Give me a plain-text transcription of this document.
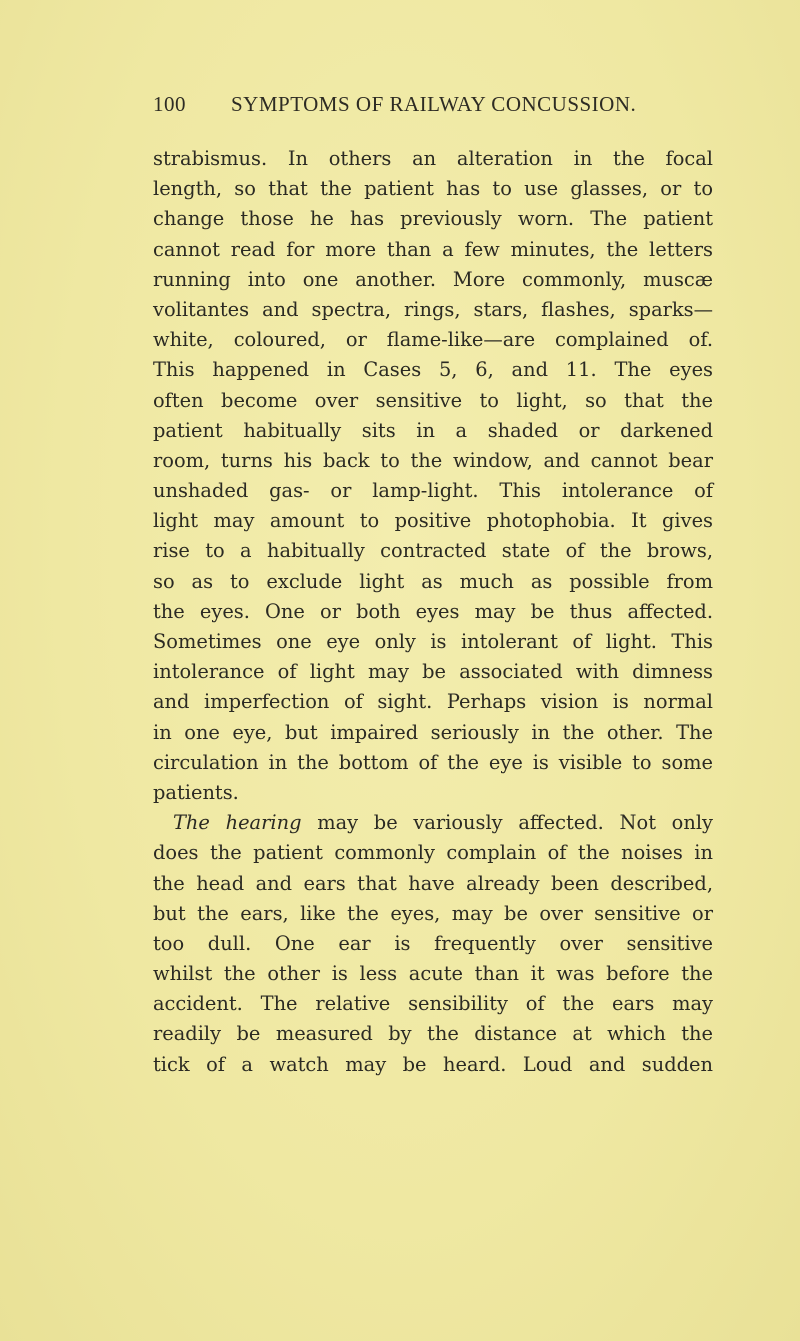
100 SYMPTOMS OF RAILWAY CONCUSSION.
strabismus. In others an alteration in the focal
length, so that the patient has to use glasses, or to
change those he has previously worn. The patient
cannot read for more than a few minutes, the letters
running into one another. More commonly, muscæ
volitantes and spectra, rings, stars, flashes, sparks—
white, coloured, or flame-like—are complained of.
This happened in Cases 5, 6, and 11. The eyes
often become over sensitive to light, so that the
patient habitually sits in a shaded or darkened
room, turns his back to the window, and cannot bear
unshaded gas- or lamp-light. This intolerance of
light may amount to positive photophobia. It gives
rise to a habitually contracted state of the brows,
so as to exclude light as much as possible from
the eyes. One or both eyes may be thus affected.
Sometimes one eye only is intolerant of light. This
intolerance of light may be associated with dimness
and imperfection of sight. Perhaps vision is normal
in one eye, but impaired seriously in the other. The
circulation in the bottom of the eye is visible to some
patients.
The hearing may be variously affected. Not only
does the patient commonly complain of the noises in
the head and ears that have already been described,
but the ears, like the eyes, may be over sensitive or
too dull. One ear is frequently over sensitive
whilst the other is less acute than it was before the
accident. The relative sensibility of the ears may
readily be measured by the distance at which the
tick of a watch may be heard. Loud and sudden
